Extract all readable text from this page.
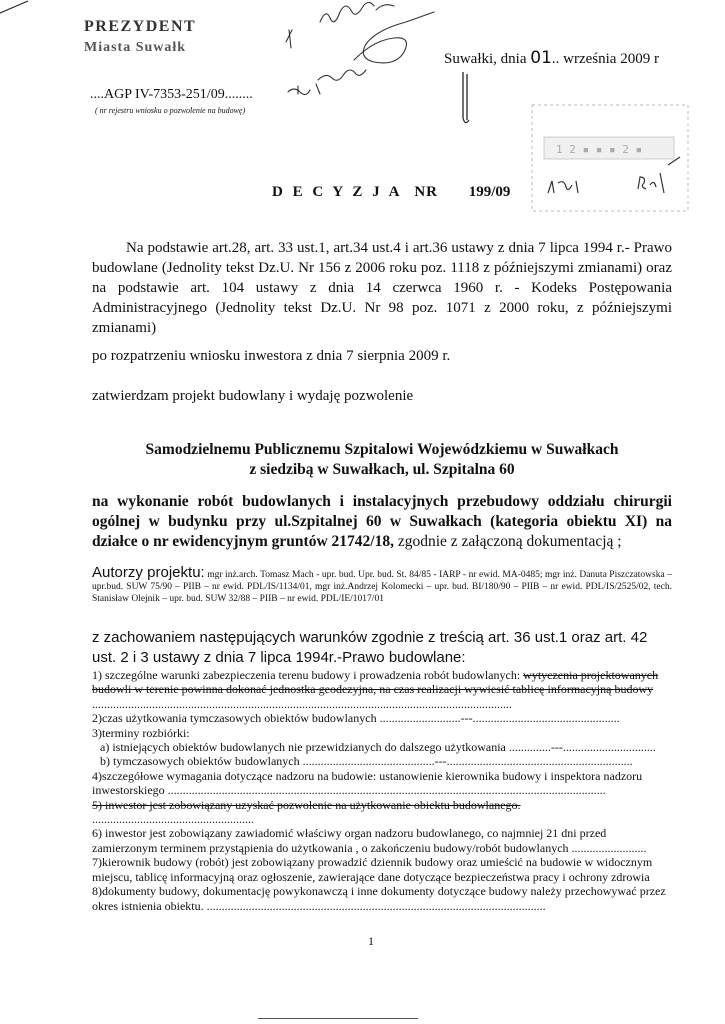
PREZYDENT
Miasta Suwałk
....AGP IV-7353-251/09........
( nr rejestru wniosku o pozwolenie na budowę)
Suwałki, dnia 01.. września 2009 r
1 2 ▪ ▪ ▪ 2 ▪
D E C Y Z J A NR 199/09
Na podstawie art.28, art. 33 ust.1, art.34 ust.4 i art.36 ustawy z dnia 7 lipca 1994 r.- Prawo budowlane (Jednolity tekst Dz.U. Nr 156 z 2006 roku poz. 1118 z późniejszymi zmianami) oraz na podstawie art. 104 ustawy z dnia 14 czerwca 1960 r. - Kodeks Postępowania Administracyjnego (Jednolity tekst Dz.U. Nr 98 poz. 1071 z 2000 roku, z późniejszymi zmianami)
po rozpatrzeniu wniosku inwestora z dnia 7 sierpnia 2009 r.
zatwierdzam projekt budowlany i wydaję pozwolenie
Samodzielnemu Publicznemu Szpitalowi Wojewódzkiemu w Suwałkach
z siedzibą w Suwałkach, ul. Szpitalna 60
na wykonanie robót budowlanych i instalacyjnych przebudowy oddziału chirurgii ogólnej w budynku przy ul.Szpitalnej 60 w Suwałkach (kategoria obiektu XI) na działce o nr ewidencyjnym gruntów 21742/18, zgodnie z załączoną dokumentacją ;
Autorzy projektu: mgr inż.arch. Tomasz Mach - upr. bud. Upr. bud. St. 84/85 - IARP - nr ewid. MA-0485; mgr inż. Danuta Piszczatowska – upr.bud. SUW 75/90 – PIIB – nr ewid. PDL/IS/1134/01, mgr inż.Andrzej Kolomecki – upr. bud. BI/180/90 – PIIB – nr ewid. PDL/IS/2525/02, tech. Stanisław Olejnik – upr. bud. SUW 32/88 – PIIB – nr ewid. PDL/IE/1017/01
z zachowaniem następujących warunków zgodnie z treścią art. 36 ust.1 oraz art. 42 ust. 2 i 3 ustawy z dnia 7 lipca 1994r.-Prawo budowlane:
1) szczególne warunki zabezpieczenia terenu budowy i prowadzenia robót budowlanych: wytyczenia projektowanych budowli w terenie powinna dokonać jednostka geodezyjna, na czas realizacji wywiesić tablicę informacyjną budowy ............................................................................................................................................
2)czas użytkowania tymczasowych obiektów budowlanych ...........................---.................................................
3)terminy rozbiórki:
a) istniejących obiektów budowlanych nie przewidzianych do dalszego użytkowania ..............---...............................
b) tymczasowych obiektów budowlanych ............................................---..............................................................
4)szczegółowe wymagania dotyczące nadzoru na budowie: ustanowienie kierownika budowy i inspektora nadzoru inwestorskiego ..................................................................................................................................................
5) inwestor jest zobowiązany uzyskać pozwolenie na użytkowanie obiektu budowlanego. ......................................................
6) inwestor jest zobowiązany zawiadomić właściwy organ nadzoru budowlanego, co najmniej 21 dni przed zamierzonym terminem przystąpienia do użytkowania , o zakończeniu budowy/robót budowlanych .........................
7)kierownik budowy (robót) jest zobowiązany prowadzić dziennik budowy oraz umieścić na budowie w widocznym miejscu, tablicę informacyjną oraz ogłoszenie, zawierające dane dotyczące bezpieczeństwa pracy i ochrony zdrowia
8)dokumenty budowy, dokumentację powykonawczą i inne dokumenty dotyczące budowy należy przechowywać przez okres istnienia obiektu. .................................................................................................................
1
